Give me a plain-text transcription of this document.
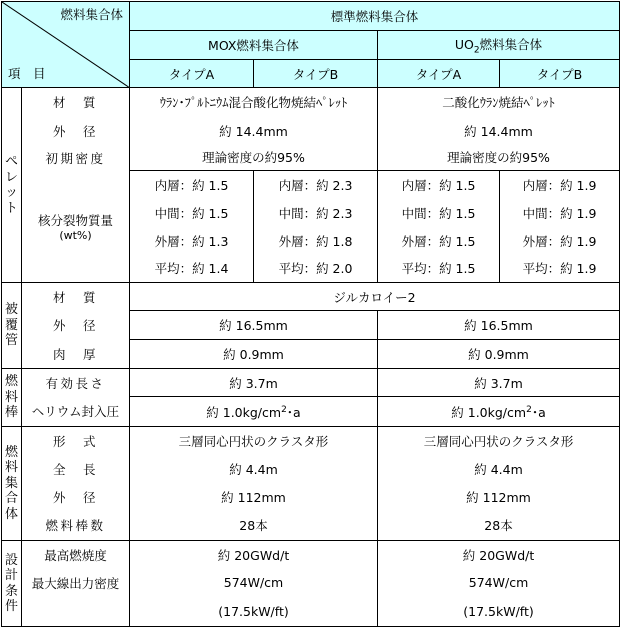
燃料集合体
項目		標準燃料集合体			
		MOX燃料集合体		$UO_2$燃料集合体	
		タイプA	タイプB	タイプA	タイプB

ペ
レ
ッ
ト	材　質	ｳﾗﾝ･ﾌﾟﾙﾄﾆｳﾑ混合酸化物焼結ﾍﾟﾚｯﾄ		二酸化ｳﾗﾝ焼結ﾍﾟﾚｯﾄ	
	外　径	約 14.4mm		約 14.4mm	
	初期密度	理論密度の約95%		理論密度の約95%	
	核分裂物質量
(wt%)	内層：約 1.5	内層：約 2.3	内層：約 1.5	内層：約 1.9
		中間：約 1.5	中間：約 2.3	中間：約 1.5	中間：約 1.9
		外層：約 1.3	外層：約 1.8	外層：約 1.5	外層：約 1.9
		平均：約 1.4	平均：約 2.0	平均：約 1.5	平均：約 1.9

被
覆
管	材　質	ジルカロイー2			
	外　径	約 16.5mm		約 16.5mm	
	肉　厚	約 0.9mm		約 0.9mm	

燃
料
棒	有効長さ	約 3.7m		約 3.7m	
	ヘリウム封入圧	約 $1.0kg/cm^2$･a		約 $1.0kg/cm^2$･a	

燃
料
集
合
体	形　式	三層同心円状のクラスタ形		三層同心円状のクラスタ形	
	全　長	約 4.4m		約 4.4m	
	外　径	約 112mm		約 112mm	
	燃料棒数	28本		28本	

設
計
条
件	最高燃焼度	約 20GWd/t		約 20GWd/t	
	最大線出力密度	574W/cm		574W/cm	
		(17.5kW/ft)		(17.5kW/ft)	
